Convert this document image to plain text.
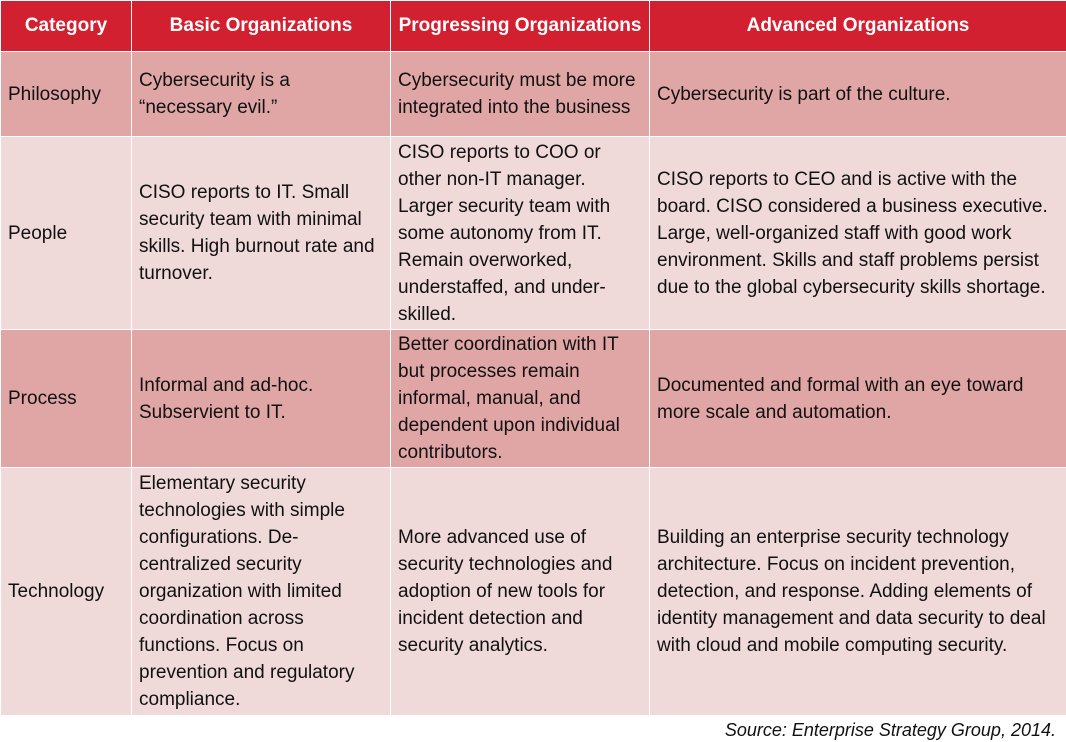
Category	Basic Organizations	Progressing Organizations	Advanced Organizations
Philosophy	Cybersecurity is a “necessary evil.”	Cybersecurity must be more integrated into the business	Cybersecurity is part of the culture.
People	CISO reports to IT. Small security team with minimal skills. High burnout rate and turnover.	CISO reports to COO or other non-IT manager. Larger security team with some autonomy from IT. Remain overworked, understaffed, and under-skilled.	CISO reports to CEO and is active with the board. CISO considered a business executive. Large, well-organized staff with good work environment. Skills and staff problems persist due to the global cybersecurity skills shortage.
Process	Informal and ad-hoc. Subservient to IT.	Better coordination with IT but processes remain informal, manual, and dependent upon individual contributors.	Documented and formal with an eye toward more scale and automation.
Technology	Elementary security technologies with simple configurations. De-centralized security organization with limited coordination across functions. Focus on prevention and regulatory compliance.	More advanced use of security technologies and adoption of new tools for incident detection and security analytics.	Building an enterprise security technology architecture. Focus on incident prevention, detection, and response. Adding elements of identity management and data security to deal with cloud and mobile computing security.
Source: Enterprise Strategy Group, 2014.
